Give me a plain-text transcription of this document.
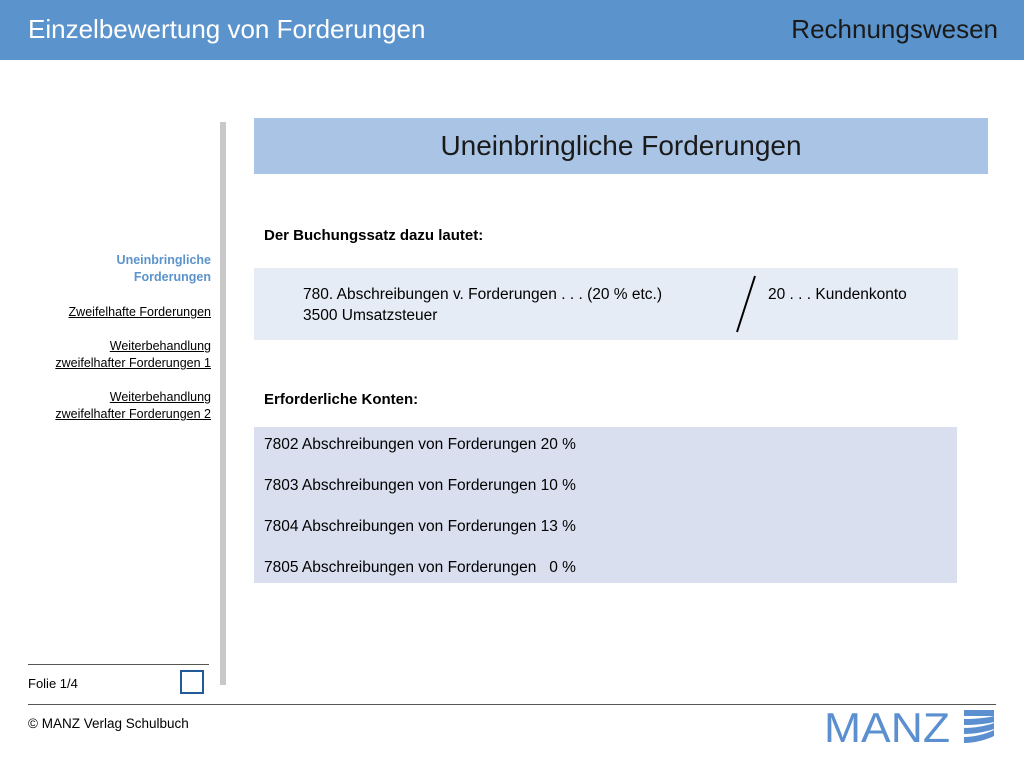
Einzelbewertung von Forderungen	Rechnungswesen
Uneinbringliche
Forderungen
Zweifelhafte Forderungen
Weiterbehandlung
zweifelhafter Forderungen 1
Weiterbehandlung
zweifelhafter Forderungen 2
Uneinbringliche Forderungen
Der Buchungssatz dazu lautet:
780. Abschreibungen v. Forderungen . . . (20 % etc.)
3500 Umsatzsteuer
20 . . . Kundenkonto
Erforderliche Konten:
7802 Abschreibungen von Forderungen 20 %
7803 Abschreibungen von Forderungen 10 %
7804 Abschreibungen von Forderungen 13 %
7805 Abschreibungen von Forderungen   0 %
Folie 1/4
© MANZ Verlag Schulbuch	MANZ
